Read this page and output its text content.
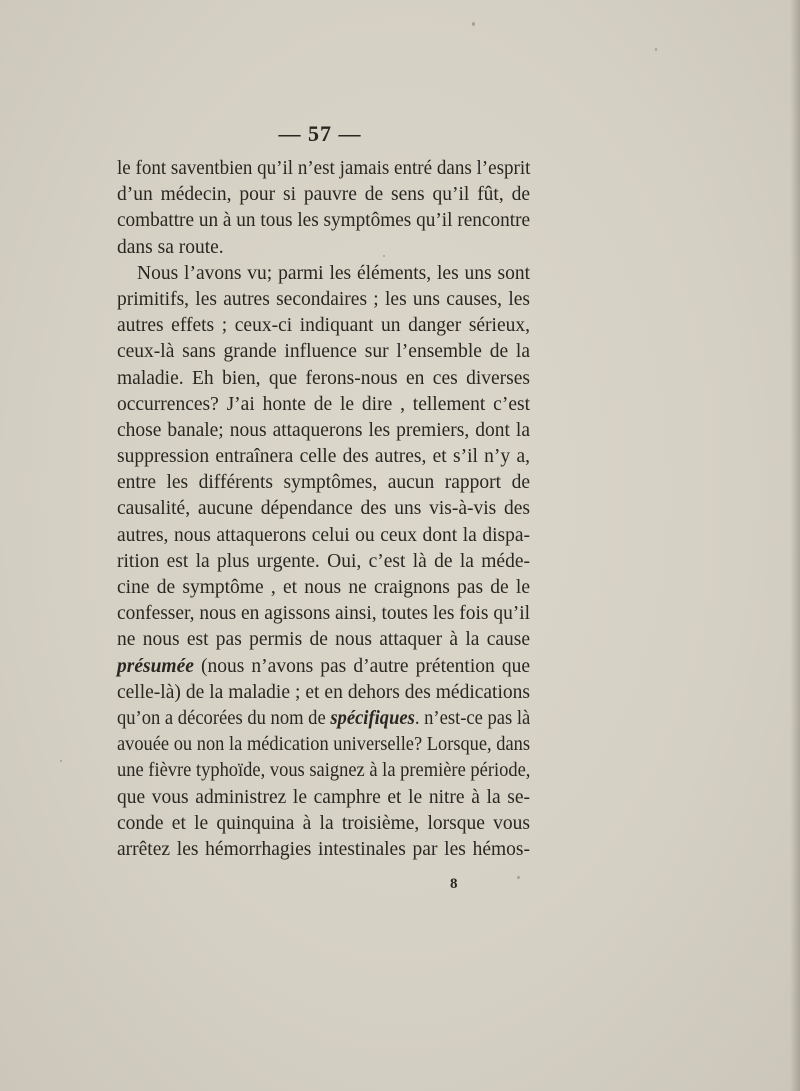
— 57 —
le font saventbien qu’il n’est jamais entré dans l’esprit
d’un médecin, pour si pauvre de sens qu’il fût, de
combattre un à un tous les symptômes qu’il rencontre
dans sa route.
Nous l’avons vu; parmi les éléments, les uns sont
primitifs, les autres secondaires ; les uns causes, les
autres effets ; ceux-ci indiquant un danger sérieux,
ceux-là sans grande influence sur l’ensemble de la
maladie. Eh bien, que ferons-nous en ces diverses
occurrences? J’ai honte de le dire , tellement c’est
chose banale; nous attaquerons les premiers, dont la
suppression entraînera celle des autres, et s’il n’y a,
entre les différents symptômes, aucun rapport de
causalité, aucune dépendance des uns vis-à-vis des
autres, nous attaquerons celui ou ceux dont la dispa-
rition est la plus urgente. Oui, c’est là de la méde-
cine de symptôme , et nous ne craignons pas de le
confesser, nous en agissons ainsi, toutes les fois qu’il
ne nous est pas permis de nous attaquer à la cause
présumée (nous n’avons pas d’autre prétention que
celle-là) de la maladie ; et en dehors des médications
qu’on a décorées du nom de spécifiques. n’est-ce pas là
avouée ou non la médication universelle? Lorsque, dans
une fièvre typhoïde, vous saignez à la première période,
que vous administrez le camphre et le nitre à la se-
conde et le quinquina à la troisième, lorsque vous
arrêtez les hémorrhagies intestinales par les hémos-
8
